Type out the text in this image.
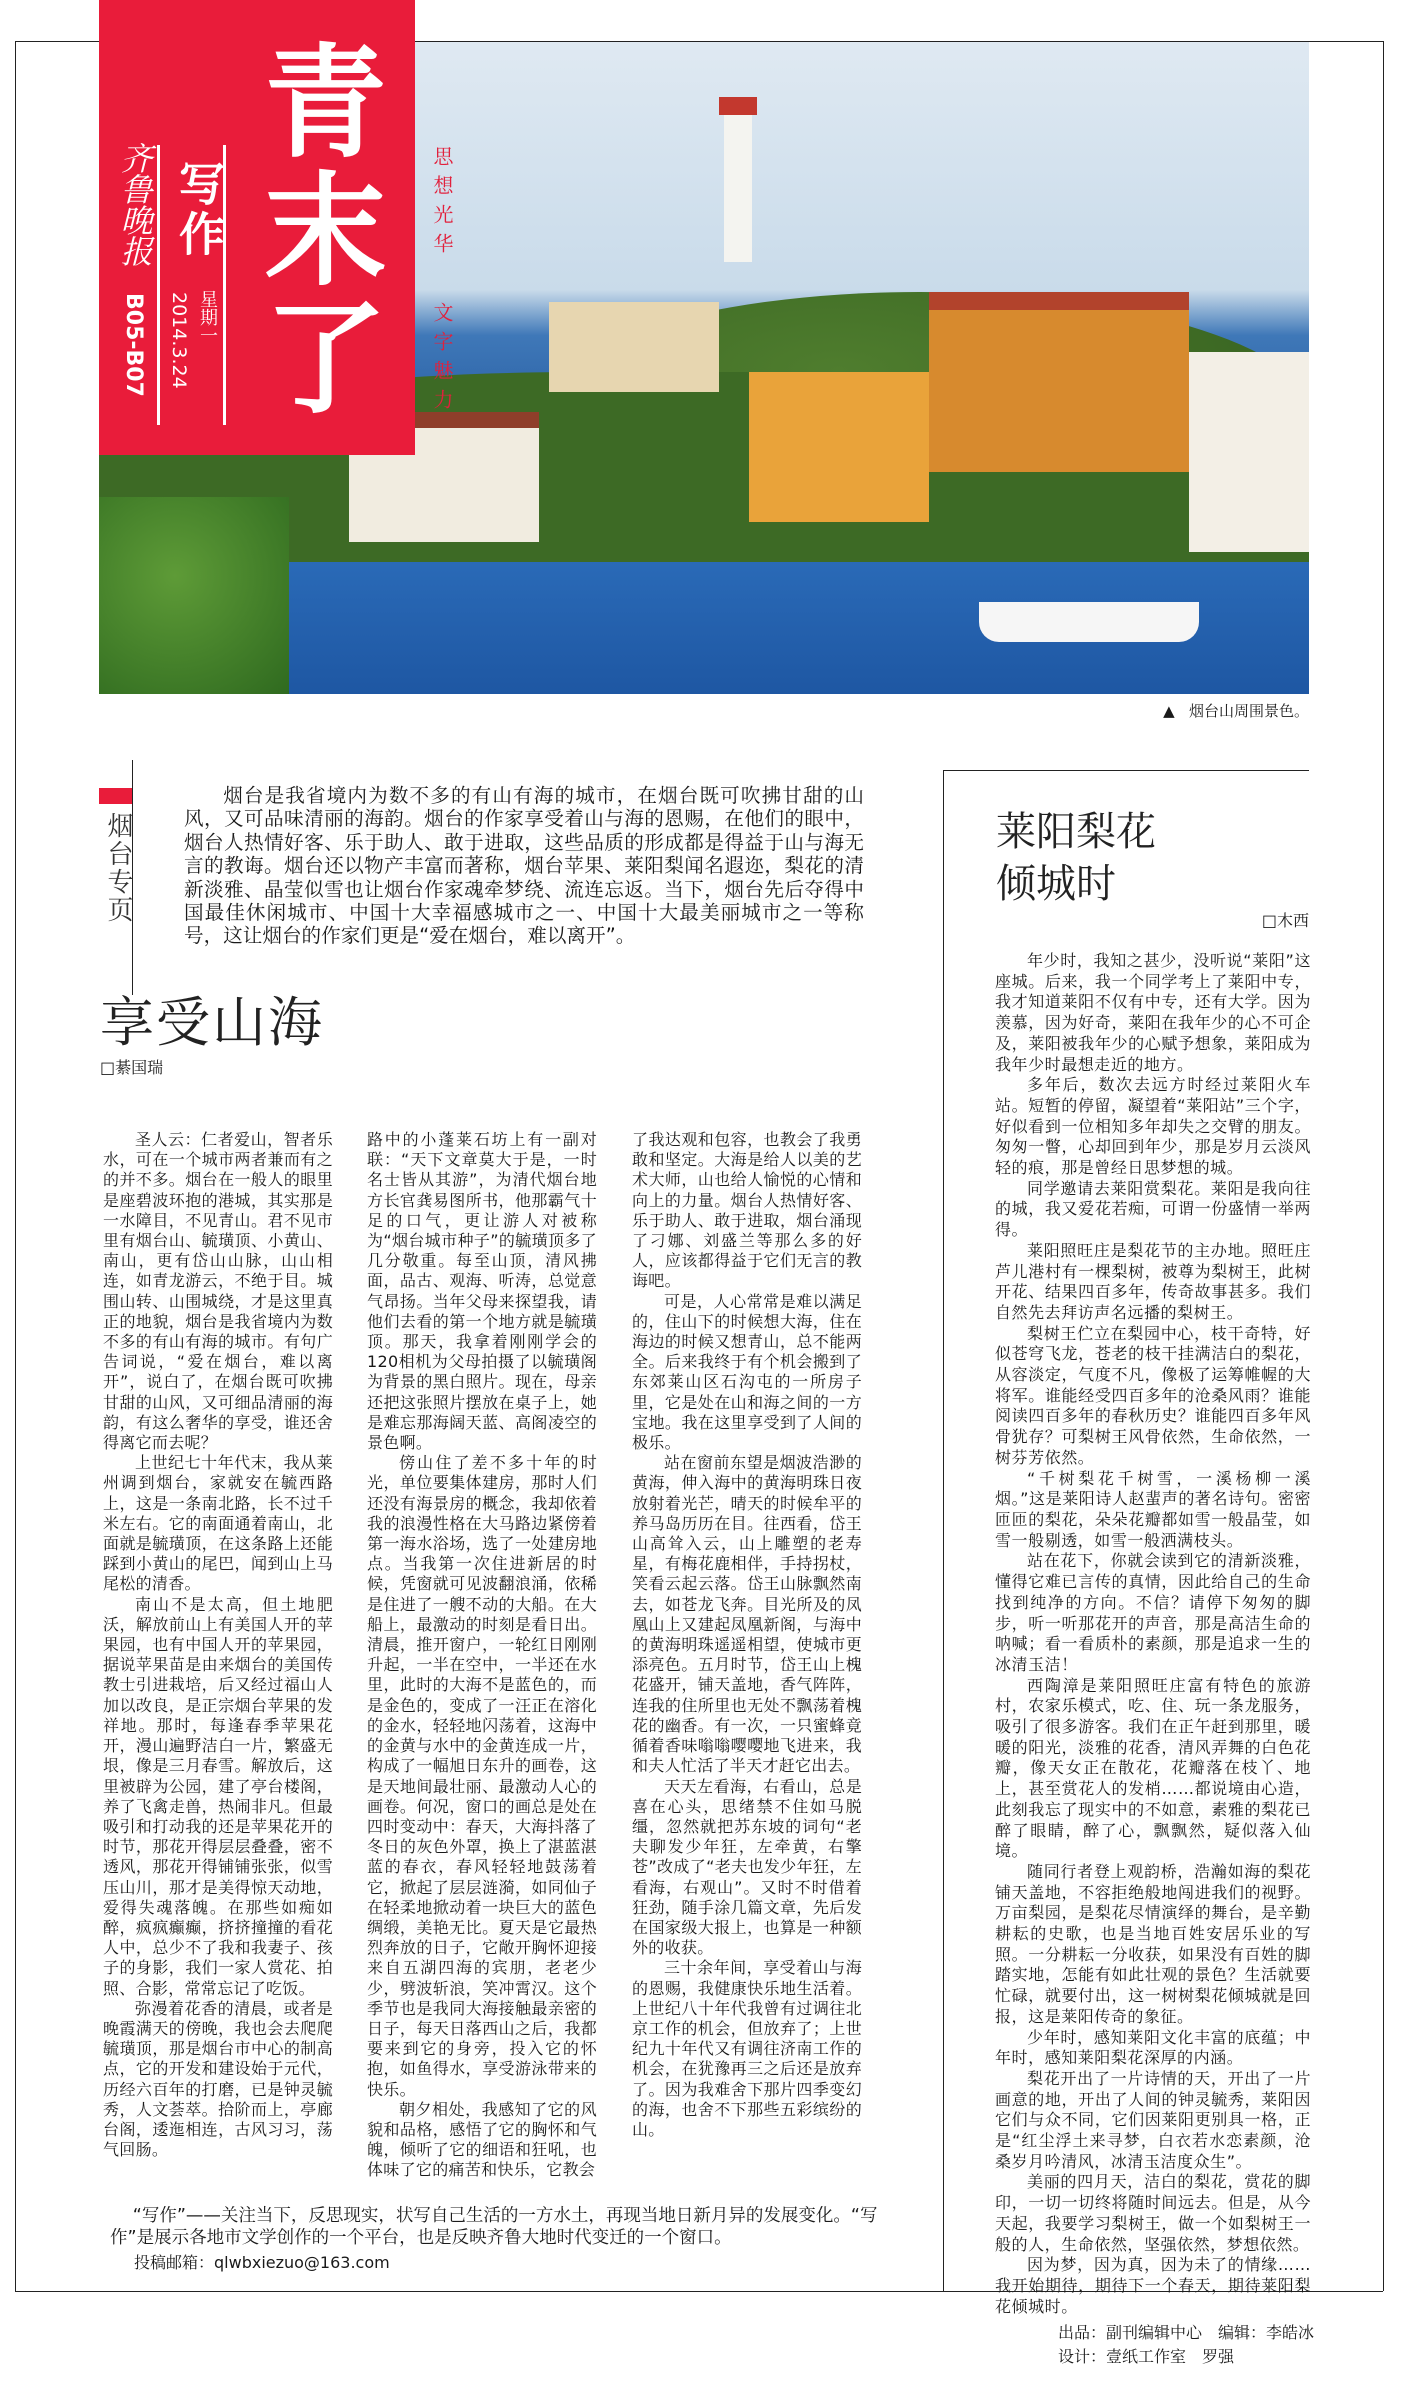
青末了
写作
星期一
2014.3.24
齐鲁晚报
B05-B07
思想光华文字魅力
▲ 烟台山周围景色。
烟台专页
烟台是我省境内为数不多的有山有海的城市，在烟台既可吹拂甘甜的山风，又可品味清丽的海韵。烟台的作家享受着山与海的恩赐，在他们的眼中，烟台人热情好客、乐于助人、敢于进取，这些品质的形成都是得益于山与海无言的教诲。烟台还以物产丰富而著称，烟台苹果、莱阳梨闻名遐迩，梨花的清新淡雅、晶莹似雪也让烟台作家魂牵梦绕、流连忘返。当下，烟台先后夺得中国最佳休闲城市、中国十大幸福感城市之一、中国十大最美丽城市之一等称号，这让烟台的作家们更是“爱在烟台，难以离开”。
享受山海
□綦国瑞

圣人云：仁者爱山，智者乐水，可在一个城市两者兼而有之的并不多。烟台在一般人的眼里是座碧波环抱的港城，其实那是一水障目，不见青山。君不见市里有烟台山、毓璜顶、小黄山、南山，更有岱山山脉，山山相连，如青龙游云，不绝于目。城围山转、山围城绕，才是这里真正的地貌，烟台是我省境内为数不多的有山有海的城市。有句广告词说，“爱在烟台，难以离开”，说白了，在烟台既可吹拂甘甜的山风，又可细品清丽的海韵，有这么奢华的享受，谁还舍得离它而去呢？

上世纪七十年代末，我从莱州调到烟台，家就安在毓西路上，这是一条南北路，长不过千米左右。它的南面通着南山，北面就是毓璜顶，在这条路上还能踩到小黄山的尾巴，闻到山上马尾松的清香。

南山不是太高，但土地肥沃，解放前山上有美国人开的苹果园，也有中国人开的苹果园，据说苹果苗是由来烟台的美国传教士引进栽培，后又经过福山人加以改良，是正宗烟台苹果的发祥地。那时，每逢春季苹果花开，漫山遍野洁白一片，繁盛无垠，像是三月春雪。解放后，这里被辟为公园，建了亭台楼阁，养了飞禽走兽，热闹非凡。但最吸引和打动我的还是苹果花开的时节，那花开得层层叠叠，密不透风，那花开得铺铺张张，似雪压山川，那才是美得惊天动地，爱得失魂落魄。在那些如痴如醉，疯疯癫癫，挤挤撞撞的看花人中，总少不了我和我妻子、孩子的身影，我们一家人赏花、拍照、合影，常常忘记了吃饭。

弥漫着花香的清晨，或者是晚霞满天的傍晚，我也会去爬爬毓璜顶，那是烟台市中心的制高点，它的开发和建设始于元代，历经六百年的打磨，已是钟灵毓秀，人文荟萃。拾阶而上，亭廊台阁，逶迤相连，古风习习，荡气回肠。

路中的小蓬莱石坊上有一副对联：“天下文章莫大于是，一时名士皆从其游”，为清代烟台地方长官龚易图所书，他那霸气十足的口气，更让游人对被称为“烟台城市种子”的毓璜顶多了几分敬重。每至山顶，清风拂面，品古、观海、听涛，总觉意气昂扬。当年父母来探望我，请他们去看的第一个地方就是毓璜顶。那天，我拿着刚刚学会的120相机为父母拍摄了以毓璜阁为背景的黑白照片。现在，母亲还把这张照片摆放在桌子上，她是难忘那海阔天蓝、高阁凌空的景色啊。

傍山住了差不多十年的时光，单位要集体建房，那时人们还没有海景房的概念，我却依着我的浪漫性格在大马路边紧傍着第一海水浴场，选了一处建房地点。当我第一次住进新居的时候，凭窗就可见波翻浪涌，依稀是住进了一艘不动的大船。在大船上，最激动的时刻是看日出。清晨，推开窗户，一轮红日刚刚升起，一半在空中，一半还在水里，此时的大海不是蓝色的，而是金色的，变成了一汪正在溶化的金水，轻轻地闪荡着，这海中的金黄与水中的金黄连成一片，构成了一幅旭日东升的画卷，这是天地间最壮丽、最激动人心的画卷。何况，窗口的画总是处在四时变动中：春天，大海抖落了冬日的灰色外罩，换上了湛蓝湛蓝的春衣，春风轻轻地鼓荡着它，掀起了层层涟漪，如同仙子在轻柔地掀动着一块巨大的蓝色绸缎，美艳无比。夏天是它最热烈奔放的日子，它敞开胸怀迎接来自五湖四海的宾朋，老老少少，劈波斩浪，笑冲霄汉。这个季节也是我同大海接触最亲密的日子，每天日落西山之后，我都要来到它的身旁，投入它的怀抱，如鱼得水，享受游泳带来的快乐。

朝夕相处，我感知了它的风貌和品格，感悟了它的胸怀和气魄，倾听了它的细语和狂吼，也体味了它的痛苦和快乐，它教会

了我达观和包容，也教会了我勇敢和坚定。大海是给人以美的艺术大师，山也给人愉悦的心情和向上的力量。烟台人热情好客、乐于助人、敢于进取，烟台涌现了刁娜、刘盛兰等那么多的好人，应该都得益于它们无言的教诲吧。

可是，人心常常是难以满足的，住山下的时候想大海，住在海边的时候又想青山，总不能两全。后来我终于有个机会搬到了东郊莱山区石沟屯的一所房子里，它是处在山和海之间的一方宝地。我在这里享受到了人间的极乐。

站在窗前东望是烟波浩渺的黄海，伸入海中的黄海明珠日夜放射着光芒，晴天的时候牟平的养马岛历历在目。往西看，岱王山高耸入云，山上雕塑的老寿星，有梅花鹿相伴，手持拐杖，笑看云起云落。岱王山脉飘然南去，如苍龙飞奔。目光所及的凤凰山上又建起凤凰新阁，与海中的黄海明珠遥遥相望，使城市更添亮色。五月时节，岱王山上槐花盛开，铺天盖地，香气阵阵，连我的住所里也无处不飘荡着槐花的幽香。有一次，一只蜜蜂竟循着香味嗡嗡嘤嘤地飞进来，我和夫人忙活了半天才赶它出去。

天天左看海，右看山，总是喜在心头，思绪禁不住如马脱缰，忽然就把苏东坡的词句“老夫聊发少年狂，左牵黄，右擎苍”改成了“老夫也发少年狂，左看海，右观山”。又时不时借着狂劲，随手涂几篇文章，先后发在国家级大报上，也算是一种额外的收获。

三十余年间，享受着山与海的恩赐，我健康快乐地生活着。上世纪八十年代我曾有过调往北京工作的机会，但放弃了；上世纪九十年代又有调往济南工作的机会，在犹豫再三之后还是放弃了。因为我难舍下那片四季变幻的海，也舍不下那些五彩缤纷的山。

莱阳梨花
倾城时
□木西

年少时，我知之甚少，没听说“莱阳”这座城。后来，我一个同学考上了莱阳中专，我才知道莱阳不仅有中专，还有大学。因为羡慕，因为好奇，莱阳在我年少的心不可企及，莱阳被我年少的心赋予想象，莱阳成为我年少时最想走近的地方。

多年后，数次去远方时经过莱阳火车站。短暂的停留，凝望着“莱阳站”三个字，好似看到一位相知多年却失之交臂的朋友。匆匆一瞥，心却回到年少，那是岁月云淡风轻的痕，那是曾经日思梦想的城。

同学邀请去莱阳赏梨花。莱阳是我向往的城，我又爱花若痴，可谓一份盛情一举两得。

莱阳照旺庄是梨花节的主办地。照旺庄芦儿港村有一棵梨树，被尊为梨树王，此树开花、结果四百多年，传奇故事甚多。我们自然先去拜访声名远播的梨树王。

梨树王伫立在梨园中心，枝干奇特，好似苍穹飞龙，苍老的枝干挂满洁白的梨花，从容淡定，气度不凡，像极了运筹帷幄的大将军。谁能经受四百多年的沧桑风雨？谁能阅读四百多年的春秋历史？谁能四百多年风骨犹存？可梨树王风骨依然，生命依然，一树芬芳依然。

“千树梨花千树雪，一溪杨柳一溪烟。”这是莱阳诗人赵蜚声的著名诗句。密密匝匝的梨花，朵朵花瓣都如雪一般晶莹，如雪一般剔透，如雪一般洒满枝头。

站在花下，你就会读到它的清新淡雅，懂得它难已言传的真情，因此给自己的生命找到纯净的方向。不信？请停下匆匆的脚步，听一听那花开的声音，那是高洁生命的呐喊；看一看质朴的素颜，那是追求一生的冰清玉洁！

西陶漳是莱阳照旺庄富有特色的旅游村，农家乐模式，吃、住、玩一条龙服务，吸引了很多游客。我们在正午赶到那里，暖暖的阳光，淡雅的花香，清风弄舞的白色花瓣，像天女正在散花，花瓣落在枝丫、地上，甚至赏花人的发梢……都说境由心造，此刻我忘了现实中的不如意，素雅的梨花已醉了眼睛，醉了心，飘飘然，疑似落入仙境。

随同行者登上观韵桥，浩瀚如海的梨花铺天盖地，不容拒绝般地闯进我们的视野。万亩梨园，是梨花尽情演绎的舞台，是辛勤耕耘的史歌，也是当地百姓安居乐业的写照。一分耕耘一分收获，如果没有百姓的脚踏实地，怎能有如此壮观的景色？生活就要忙碌，就要付出，这一树树梨花倾城就是回报，这是莱阳传奇的象征。

少年时，感知莱阳文化丰富的底蕴；中年时，感知莱阳梨花深厚的内涵。

梨花开出了一片诗情的天，开出了一片画意的地，开出了人间的钟灵毓秀，莱阳因它们与众不同，它们因莱阳更别具一格，正是“红尘浮土来寻梦，白衣若水恋素颜，沧桑岁月吟清风，冰清玉洁度众生”。

美丽的四月天，洁白的梨花，赏花的脚印，一切一切终将随时间远去。但是，从今天起，我要学习梨树王，做一个如梨树王一般的人，生命依然，坚强依然，梦想依然。

因为梦，因为真，因为未了的情缘……我开始期待，期待下一个春天，期待莱阳梨花倾城时。

“写作”——关注当下，反思现实，状写自己生活的一方水土，再现当地日新月异的发展变化。“写作”是展示各地市文学创作的一个平台，也是反映齐鲁大地时代变迁的一个窗口。
投稿邮箱：qlwbxiezuo@163.com
出品：副刊编辑中心　编辑：李皓冰
设计：壹纸工作室　罗强
